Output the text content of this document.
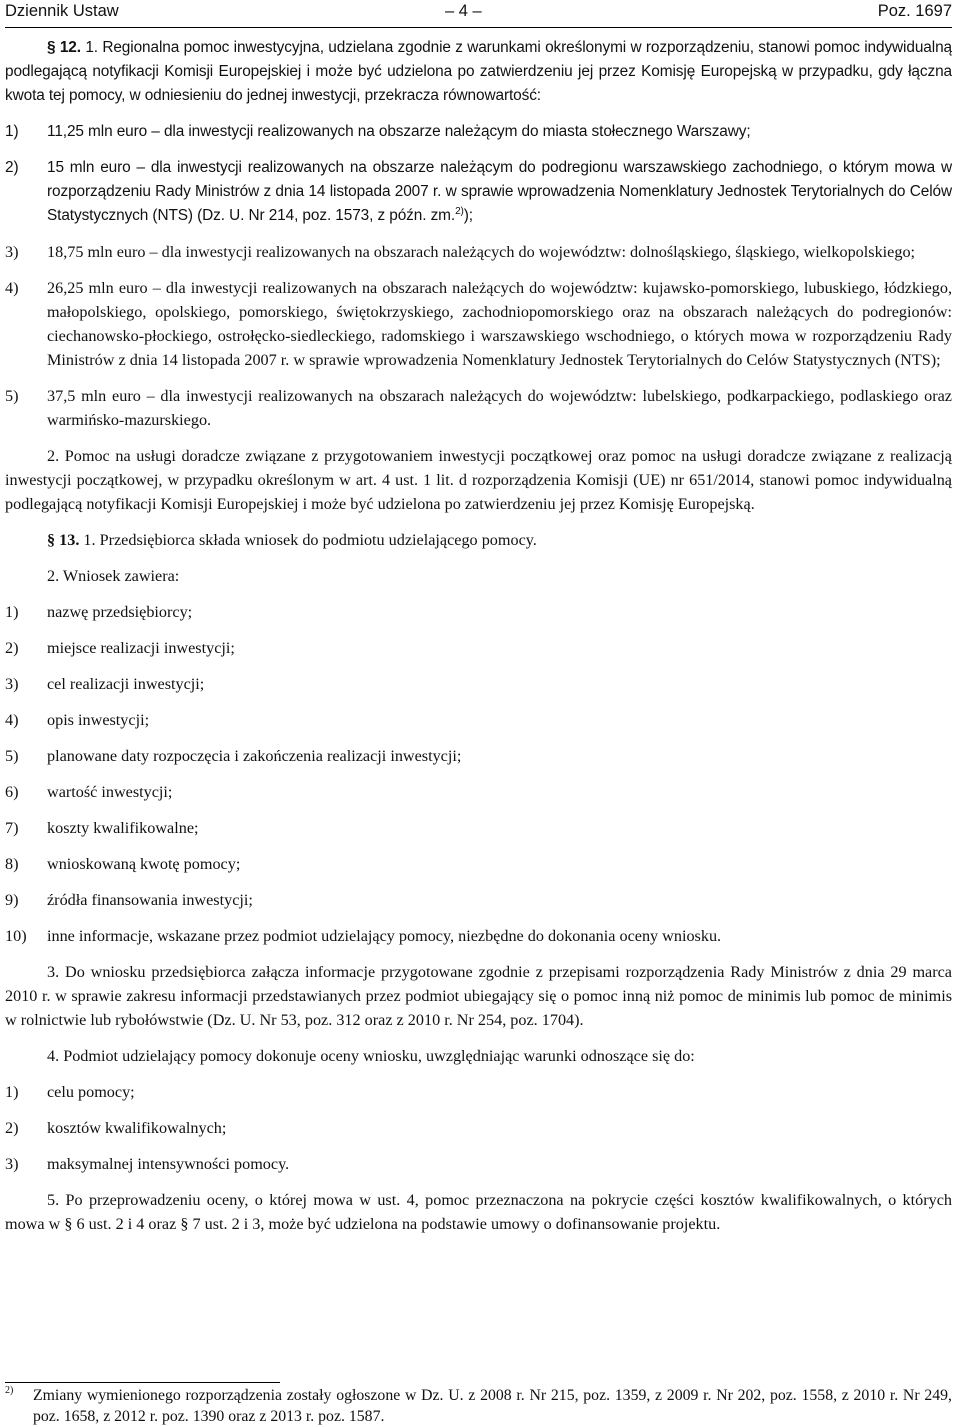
Dziennik Ustaw	– 4 –	Poz. 1697
§ 12. 1. Regionalna pomoc inwestycyjna, udzielana zgodnie z warunkami określonymi w rozporządzeniu, stanowi pomoc indywidualną podlegającą notyfikacji Komisji Europejskiej i może być udzielona po zatwierdzeniu jej przez Komisję Europejską w przypadku, gdy łączna kwota tej pomocy, w odniesieniu do jednej inwestycji, przekracza równowartość:
1) 11,25 mln euro – dla inwestycji realizowanych na obszarze należącym do miasta stołecznego Warszawy;
2) 15 mln euro – dla inwestycji realizowanych na obszarze należącym do podregionu warszawskiego zachodniego, o którym mowa w rozporządzeniu Rady Ministrów z dnia 14 listopada 2007 r. w sprawie wprowadzenia Nomenklatury Jednostek Terytorialnych do Celów Statystycznych (NTS) (Dz. U. Nr 214, poz. 1573, z późn. zm.$^{2)}$);
3) 18,75 mln euro – dla inwestycji realizowanych na obszarach należących do województw: dolnośląskiego, śląskiego, wielkopolskiego;
4) 26,25 mln euro – dla inwestycji realizowanych na obszarach należących do województw: kujawsko-pomorskiego, lubuskiego, łódzkiego, małopolskiego, opolskiego, pomorskiego, świętokrzyskiego, zachodniopomorskiego oraz na obszarach należących do podregionów: ciechanowsko-płockiego, ostrołęcko-siedleckiego, radomskiego i warszawskiego wschodniego, o których mowa w rozporządzeniu Rady Ministrów z dnia 14 listopada 2007 r. w sprawie wprowadzenia Nomenklatury Jednostek Terytorialnych do Celów Statystycznych (NTS);
5) 37,5 mln euro – dla inwestycji realizowanych na obszarach należących do województw: lubelskiego, podkarpackiego, podlaskiego oraz warmińsko-mazurskiego.
2. Pomoc na usługi doradcze związane z przygotowaniem inwestycji początkowej oraz pomoc na usługi doradcze związane z realizacją inwestycji początkowej, w przypadku określonym w art. 4 ust. 1 lit. d rozporządzenia Komisji (UE) nr 651/2014, stanowi pomoc indywidualną podlegającą notyfikacji Komisji Europejskiej i może być udzielona po zatwierdzeniu jej przez Komisję Europejską.
§ 13. 1. Przedsiębiorca składa wniosek do podmiotu udzielającego pomocy.
2. Wniosek zawiera:
1) nazwę przedsiębiorcy;
2) miejsce realizacji inwestycji;
3) cel realizacji inwestycji;
4) opis inwestycji;
5) planowane daty rozpoczęcia i zakończenia realizacji inwestycji;
6) wartość inwestycji;
7) koszty kwalifikowalne;
8) wnioskowaną kwotę pomocy;
9) źródła finansowania inwestycji;
10) inne informacje, wskazane przez podmiot udzielający pomocy, niezbędne do dokonania oceny wniosku.
3. Do wniosku przedsiębiorca załącza informacje przygotowane zgodnie z przepisami rozporządzenia Rady Ministrów z dnia 29 marca 2010 r. w sprawie zakresu informacji przedstawianych przez podmiot ubiegający się o pomoc inną niż pomoc de minimis lub pomoc de minimis w rolnictwie lub rybołówstwie (Dz. U. Nr 53, poz. 312 oraz z 2010 r. Nr 254, poz. 1704).
4. Podmiot udzielający pomocy dokonuje oceny wniosku, uwzględniając warunki odnoszące się do:
1) celu pomocy;
2) kosztów kwalifikowalnych;
3) maksymalnej intensywności pomocy.
5. Po przeprowadzeniu oceny, o której mowa w ust. 4, pomoc przeznaczona na pokrycie części kosztów kwalifikowalnych, o których mowa w § 6 ust. 2 i 4 oraz § 7 ust. 2 i 3, może być udzielona na podstawie umowy o dofinansowanie projektu.
2)	Zmiany wymienionego rozporządzenia zostały ogłoszone w Dz. U. z 2008 r. Nr 215, poz. 1359, z 2009 r. Nr 202, poz. 1558, z 2010 r. Nr 249, poz. 1658, z 2012 r. poz. 1390 oraz z 2013 r. poz. 1587.
